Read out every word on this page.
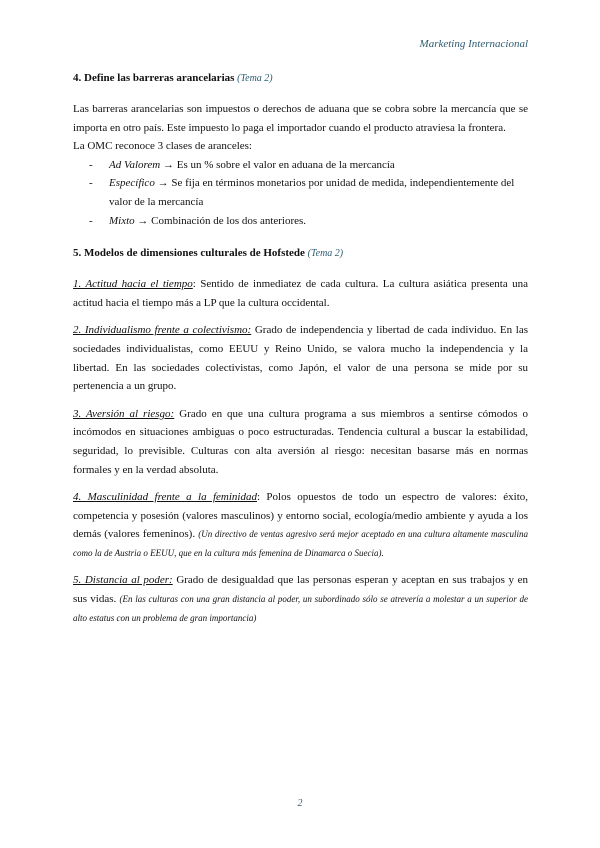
Marketing Internacional
4. Define las barreras arancelarias (Tema 2)

Las barreras arancelarias son impuestos o derechos de aduana que se cobra sobre la mercancía que se importa en otro país. Este impuesto lo paga el importador cuando el producto atraviesa la frontera.

La OMC reconoce 3 clases de aranceles:

- Ad Valorem → Es un % sobre el valor en aduana de la mercancía
- Específico → Se fija en términos monetarios por unidad de medida, independientemente del valor de la mercancía
- Mixto → Combinación de los dos anteriores.
5. Modelos de dimensiones culturales de Hofstede (Tema 2)

1. Actitud hacia el tiempo: Sentido de inmediatez de cada cultura. La cultura asiática presenta una actitud hacia el tiempo más a LP que la cultura occidental.

2. Individualismo frente a colectivismo: Grado de independencia y libertad de cada individuo. En las sociedades individualistas, como EEUU y Reino Unido, se valora mucho la independencia y la libertad. En las sociedades colectivistas, como Japón, el valor de una persona se mide por su pertenencia a un grupo.

3. Aversión al riesgo: Grado en que una cultura programa a sus miembros a sentirse cómodos o incómodos en situaciones ambiguas o poco estructuradas. Tendencia cultural a buscar la estabilidad, seguridad, lo previsible. Culturas con alta aversión al riesgo: necesitan basarse más en normas formales y en la verdad absoluta.

4. Masculinidad frente a la feminidad: Polos opuestos de todo un espectro de valores: éxito, competencia y posesión (valores masculinos) y entorno social, ecología/medio ambiente y ayuda a los demás (valores femeninos). (Un directivo de ventas agresivo será mejor aceptado en una cultura altamente masculina como la de Austria o EEUU, que en la cultura más femenina de Dinamarca o Suecia).

5. Distancia al poder: Grado de desigualdad que las personas esperan y aceptan en sus trabajos y en sus vidas. (En las culturas con una gran distancia al poder, un subordinado sólo se atrevería a molestar a un superior de alto estatus con un problema de gran importancia)

2
